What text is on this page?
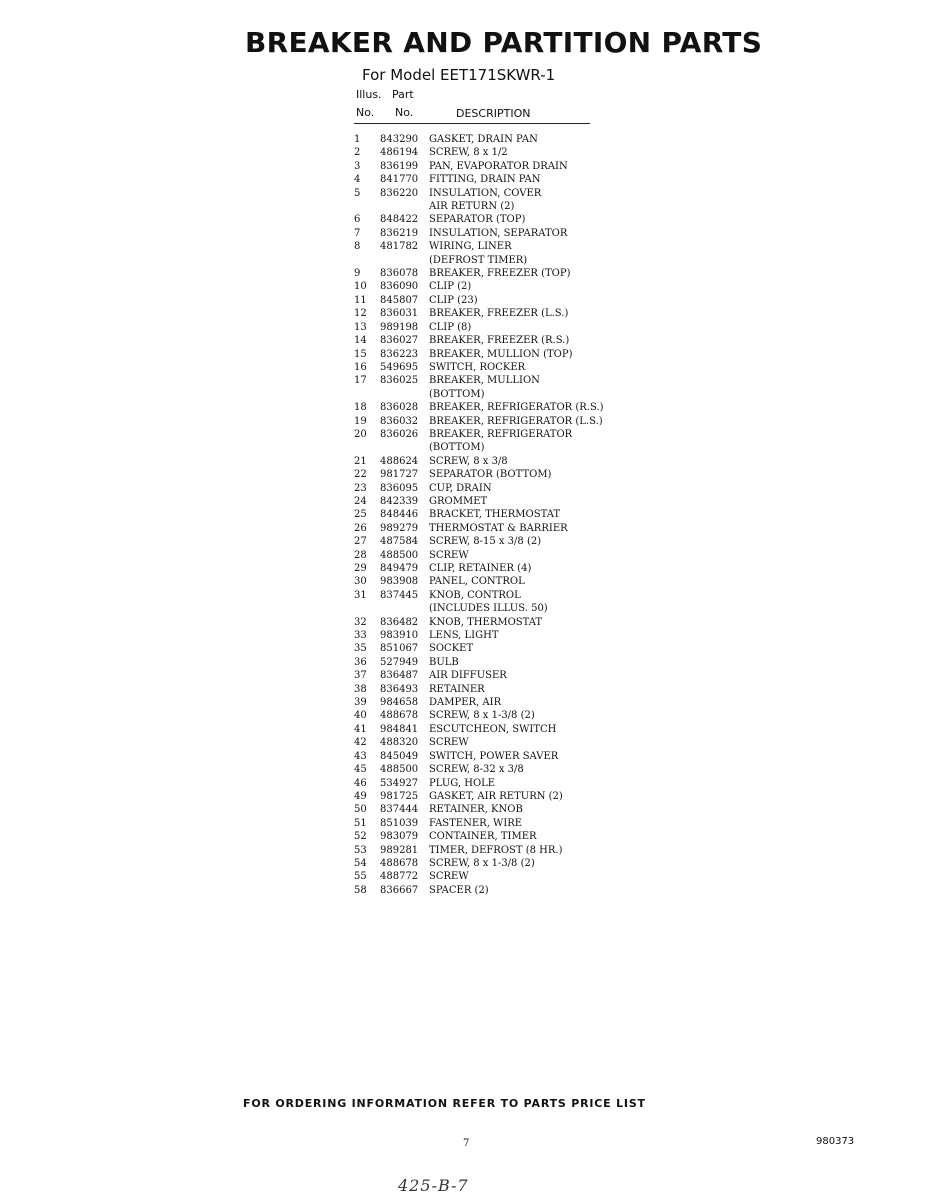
BREAKER AND PARTITION PARTS
For Model EET171SKWR-1
Illus. Part
No. No.	DESCRIPTION
1	843290	GASKET, DRAIN PAN
2	486194	SCREW, 8 x 1/2
3	836199	PAN, EVAPORATOR DRAIN
4	841770	FITTING, DRAIN PAN
5	836220	INSULATION, COVER
AIR RETURN (2)
6	848422	SEPARATOR (TOP)
7	836219	INSULATION, SEPARATOR
8	481782	WIRING, LINER
(DEFROST TIMER)
9	836078	BREAKER, FREEZER (TOP)
10	836090	CLIP (2)
11	845807	CLIP (23)
12	836031	BREAKER, FREEZER (L.S.)
13	989198	CLIP (8)
14	836027	BREAKER, FREEZER (R.S.)
15	836223	BREAKER, MULLION (TOP)
16	549695	SWITCH, ROCKER
17	836025	BREAKER, MULLION
(BOTTOM)
18	836028	BREAKER, REFRIGERATOR (R.S.)
19	836032	BREAKER, REFRIGERATOR (L.S.)
20	836026	BREAKER, REFRIGERATOR
(BOTTOM)
21	488624	SCREW, 8 x 3/8
22	981727	SEPARATOR (BOTTOM)
23	836095	CUP, DRAIN
24	842339	GROMMET
25	848446	BRACKET, THERMOSTAT
26	989279	THERMOSTAT & BARRIER
27	487584	SCREW, 8-15 x 3/8 (2)
28	488500	SCREW
29	849479	CLIP, RETAINER (4)
30	983908	PANEL, CONTROL
31	837445	KNOB, CONTROL
(INCLUDES ILLUS. 50)
32	836482	KNOB, THERMOSTAT
33	983910	LENS, LIGHT
35	851067	SOCKET
36	527949	BULB
37	836487	AIR DIFFUSER
38	836493	RETAINER
39	984658	DAMPER, AIR
40	488678	SCREW, 8 x 1-3/8 (2)
41	984841	ESCUTCHEON, SWITCH
42	488320	SCREW
43	845049	SWITCH, POWER SAVER
45	488500	SCREW, 8-32 x 3/8
46	534927	PLUG, HOLE
49	981725	GASKET, AIR RETURN (2)
50	837444	RETAINER, KNOB
51	851039	FASTENER, WIRE
52	983079	CONTAINER, TIMER
53	989281	TIMER, DEFROST (8 HR.)
54	488678	SCREW, 8 x 1-3/8 (2)
55	488772	SCREW
58	836667	SPACER (2)
FOR ORDERING INFORMATION REFER TO PARTS PRICE LIST
7	980373
425-B-7
